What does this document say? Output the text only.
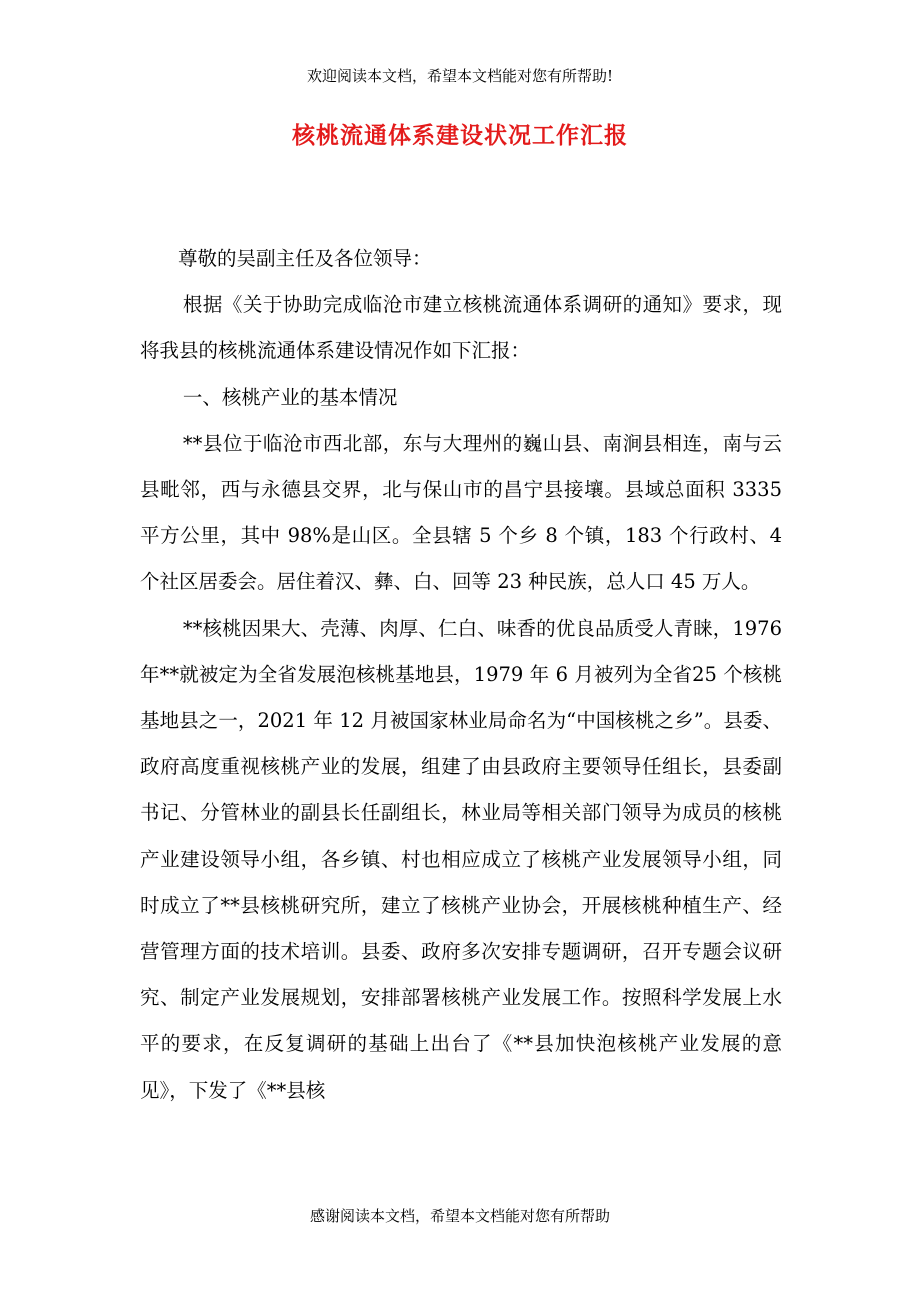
欢迎阅读本文档，希望本文档能对您有所帮助!
核桃流通体系建设状况工作汇报

尊敬的吴副主任及各位领导：

根据《关于协助完成临沧市建立核桃流通体系调研的通知》要求，现将我县的核桃流通体系建设情况作如下汇报：

一、核桃产业的基本情况

**县位于临沧市西北部，东与大理州的巍山县、南涧县相连，南与云县毗邻，西与永德县交界，北与保山市的昌宁县接壤。县域总面积 3335 平方公里，其中 98%是山区。全县辖 5 个乡 8 个镇，183 个行政村、4 个社区居委会。居住着汉、彝、白、回等 23 种民族，总人口 45 万人。

**核桃因果大、壳薄、肉厚、仁白、味香的优良品质受人青睐，1976 年**就被定为全省发展泡核桃基地县，1979 年 6 月被列为全省25 个核桃基地县之一，2021 年 12 月被国家林业局命名为“中国核桃之乡”。县委、政府高度重视核桃产业的发展，组建了由县政府主要领导任组长，县委副书记、分管林业的副县长任副组长，林业局等相关部门领导为成员的核桃产业建设领导小组，各乡镇、村也相应成立了核桃产业发展领导小组，同时成立了**县核桃研究所，建立了核桃产业协会，开展核桃种植生产、经营管理方面的技术培训。县委、政府多次安排专题调研，召开专题会议研究、制定产业发展规划，安排部署核桃产业发展工作。按照科学发展上水平的要求，在反复调研的基础上出台了《**县加快泡核桃产业发展的意见》，下发了《**县核

感谢阅读本文档，希望本文档能对您有所帮助
